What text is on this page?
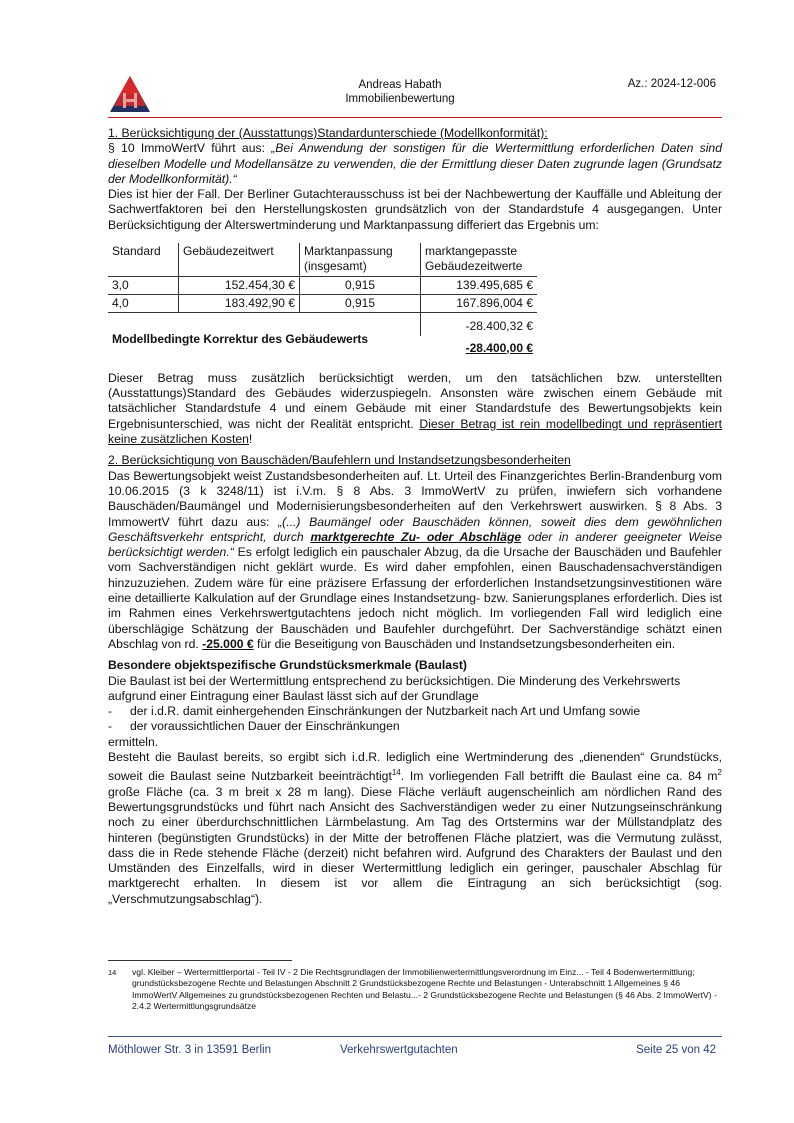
Andreas Habath
Immobilienbewertung
Az.: 2024-12-006

1. Berücksichtigung der (Ausstattungs)Standardunterschiede (Modellkonformität):

§ 10 ImmoWertV führt aus: „Bei Anwendung der sonstigen für die Wertermittlung erforderlichen Daten sind dieselben Modelle und Modellansätze zu verwenden, die der Ermittlung dieser Daten zugrunde lagen (Grundsatz der Modellkonformität).“

Dies ist hier der Fall. Der Berliner Gutachterausschuss ist bei der Nachbewertung der Kauffälle und Ableitung der Sachwertfaktoren bei den Herstellungskosten grundsätzlich von der Standardstufe 4 ausgegangen. Unter Berücksichtigung der Alterswertminderung und Marktanpassung differiert das Ergebnis um:

Standard	Gebäudezeitwert	Marktanpassung (insgesamt)	marktangepasste Gebäudezeitwerte
3,0	152.454,30 €	0,915	139.495,685 €
4,0	183.492,90 €	0,915	167.896,004 €
Modellbedingte Korrektur des Gebäudewerts			-28.400,32 €
			-28.400,00 €

Dieser Betrag muss zusätzlich berücksichtigt werden, um den tatsächlichen bzw. unterstellten (Ausstattungs)Standard des Gebäudes widerzuspiegeln. Ansonsten wäre zwischen einem Gebäude mit tatsächlicher Standardstufe 4 und einem Gebäude mit einer Standardstufe des Bewertungsobjekts kein Ergebnisunterschied, was nicht der Realität entspricht. Dieser Betrag ist rein modellbedingt und repräsentiert keine zusätzlichen Kosten!

2. Berücksichtigung von Bauschäden/Baufehlern und Instandsetzungsbesonderheiten

Das Bewertungsobjekt weist Zustandsbesonderheiten auf. Lt. Urteil des Finanzgerichtes Berlin-Brandenburg vom 10.06.2015 (3 k 3248/11) ist i.V.m. § 8 Abs. 3 ImmoWertV zu prüfen, inwiefern sich vorhandene Bauschäden/Baumängel und Modernisierungsbesonderheiten auf den Verkehrswert auswirken. § 8 Abs. 3 ImmowertV führt dazu aus: „(...) Baumängel oder Bauschäden können, soweit dies dem gewöhnlichen Geschäftsverkehr entspricht, durch marktgerechte Zu- oder Abschläge oder in anderer geeigneter Weise berücksichtigt werden.“ Es erfolgt lediglich ein pauschaler Abzug, da die Ursache der Bauschäden und Baufehler vom Sachverständigen nicht geklärt wurde. Es wird daher empfohlen, einen Bauschadensachverständigen hinzuzuziehen. Zudem wäre für eine präzisere Erfassung der erforderlichen Instandsetzungsinvestitionen wäre eine detaillierte Kalkulation auf der Grundlage eines Instandsetzung- bzw. Sanierungsplanes erforderlich. Dies ist im Rahmen eines Verkehrswertgutachtens jedoch nicht möglich. Im vorliegenden Fall wird lediglich eine überschlägige Schätzung der Bauschäden und Baufehler durchgeführt. Der Sachverständige schätzt einen Abschlag von rd. -25.000 € für die Beseitigung von Bauschäden und Instandsetzungsbesonderheiten ein.

Besondere objektspezifische Grundstücksmerkmale (Baulast)

Die Baulast ist bei der Wertermittlung entsprechend zu berücksichtigen. Die Minderung des Verkehrswerts aufgrund einer Eintragung einer Baulast lässt sich auf der Grundlage

-	der i.d.R. damit einhergehenden Einschränkungen der Nutzbarkeit nach Art und Umfang sowie
-	der voraussichtlichen Dauer der Einschränkungen

ermitteln.

Besteht die Baulast bereits, so ergibt sich i.d.R. lediglich eine Wertminderung des „dienenden“ Grundstücks, soweit die Baulast seine Nutzbarkeit beeinträchtigt$^{14}$. Im vorliegenden Fall betrifft die Baulast eine ca. 84 $m^2$ große Fläche (ca. 3 m breit x 28 m lang). Diese Fläche verläuft augenscheinlich am nördlichen Rand des Bewertungsgrundstücks und führt nach Ansicht des Sachverständigen weder zu einer Nutzungseinschränkung noch zu einer überdurchschnittlichen Lärmbelastung. Am Tag des Ortstermins war der Müllstandplatz des hinteren (begünstigten Grundstücks) in der Mitte der betroffenen Fläche platziert, was die Vermutung zulässt, dass die in Rede stehende Fläche (derzeit) nicht befahren wird. Aufgrund des Charakters der Baulast und den Umständen des Einzelfalls, wird in dieser Wertermittlung lediglich ein geringer, pauschaler Abschlag für marktgerecht erhalten. In diesem ist vor allem die Eintragung an sich berücksichtigt (sog. „Verschmutzungsabschlag“).

14	vgl. Kleiber – Wertermittlerportal - Teil IV - 2 Die Rechtsgrundlagen der Immobilienwertermittlungsverordnung im Einz... - Teil 4 Bodenwertermittlung; grundstücksbezogene Rechte und Belastungen Abschnitt 2 Grundstücksbezogene Rechte und Belastungen - Unterabschnitt 1 Allgemeines § 46 ImmoWertV Allgemeines zu grundstücksbezogenen Rechten und Belastu...- 2 Grundstücksbezogene Rechte und Belastungen (§ 46 Abs. 2 ImmoWertV) - 2.4.2 Wertermittlungsgrundsätze
Möthlower Str. 3 in 13591 Berlin	Verkehrswertgutachten	Seite 25 von 42
